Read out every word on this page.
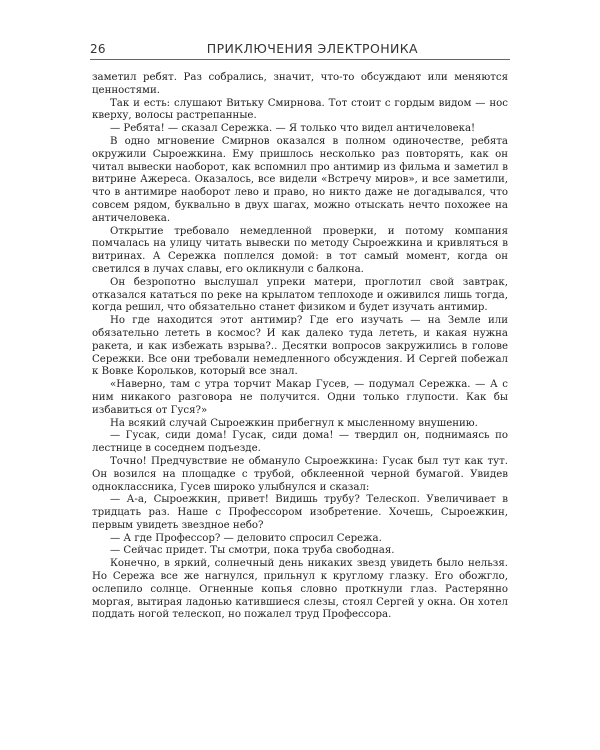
26	ПРИКЛЮЧЕНИЯ ЭЛЕКТРОНИКА

заметил ребят. Раз собрались, значит, что-то обсуждают или меняются ценностями.

Так и есть: слушают Витьку Смирнова. Тот стоит с гордым видом — нос кверху, волосы растрепанные.

— Ребята! — сказал Сережка. — Я только что видел античеловека!

В одно мгновение Смирнов оказался в полном одиночестве, ребята окружили Сыроежкина. Ему пришлось несколько раз повторять, как он читал вывески наоборот, как вспомнил про антимир из фильма и заметил в витрине Ажереса. Оказалось, все видели «Встречу миров», и все заметили, что в антимире наоборот лево и право, но никто даже не догадывался, что совсем рядом, буквально в двух шагах, можно отыскать нечто похожее на античеловека.

Открытие требовало немедленной проверки, и потому компания помчалась на улицу читать вывески по методу Сыроежкина и кривляться в витринах. А Сережка поплелся домой: в тот самый момент, когда он светился в лучах славы, его окликнули с балкона.

Он безропотно выслушал упреки матери, проглотил свой завтрак, отказался кататься по реке на крылатом теплоходе и оживился лишь тогда, когда решил, что обязательно станет физиком и будет изучать антимир.

Но где находится этот антимир? Где его изучать — на Земле или обязательно лететь в космос? И как далеко туда лететь, и какая нужна ракета, и как избежать взрыва?.. Десятки вопросов закружились в голове Сережки. Все они требовали немедленного обсуждения. И Сергей побежал к Вовке Корольков, который все знал.

«Наверно, там с утра торчит Макар Гусев, — подумал Сережка. — А с ним никакого разговора не получится. Одни только глупости. Как бы избавиться от Гуся?»

На всякий случай Сыроежкин прибегнул к мысленному внушению.

— Гусак, сиди дома! Гусак, сиди дома! — твердил он, поднимаясь по лестнице в соседнем подъезде.

Точно! Предчувствие не обмануло Сыроежкина: Гусак был тут как тут. Он возился на площадке с трубой, обклеенной черной бумагой. Увидев одноклассника, Гусев широко улыбнулся и сказал:

— А-а, Сыроежкин, привет! Видишь трубу? Телескоп. Увеличивает в тридцать раз. Наше с Профессором изобретение. Хочешь, Сыроежкин, первым увидеть звездное небо?

— А где Профессор? — деловито спросил Сережа.

— Сейчас придет. Ты смотри, пока труба свободная.

Конечно, в яркий, солнечный день никаких звезд увидеть было нельзя. Но Сережа все же нагнулся, прильнул к круглому глазку. Его обожгло, ослепило солнце. Огненные копья словно проткнули глаз. Растерянно моргая, вытирая ладонью катившиеся слезы, стоял Сергей у окна. Он хотел поддать ногой телескоп, но пожалел труд Профессора.
